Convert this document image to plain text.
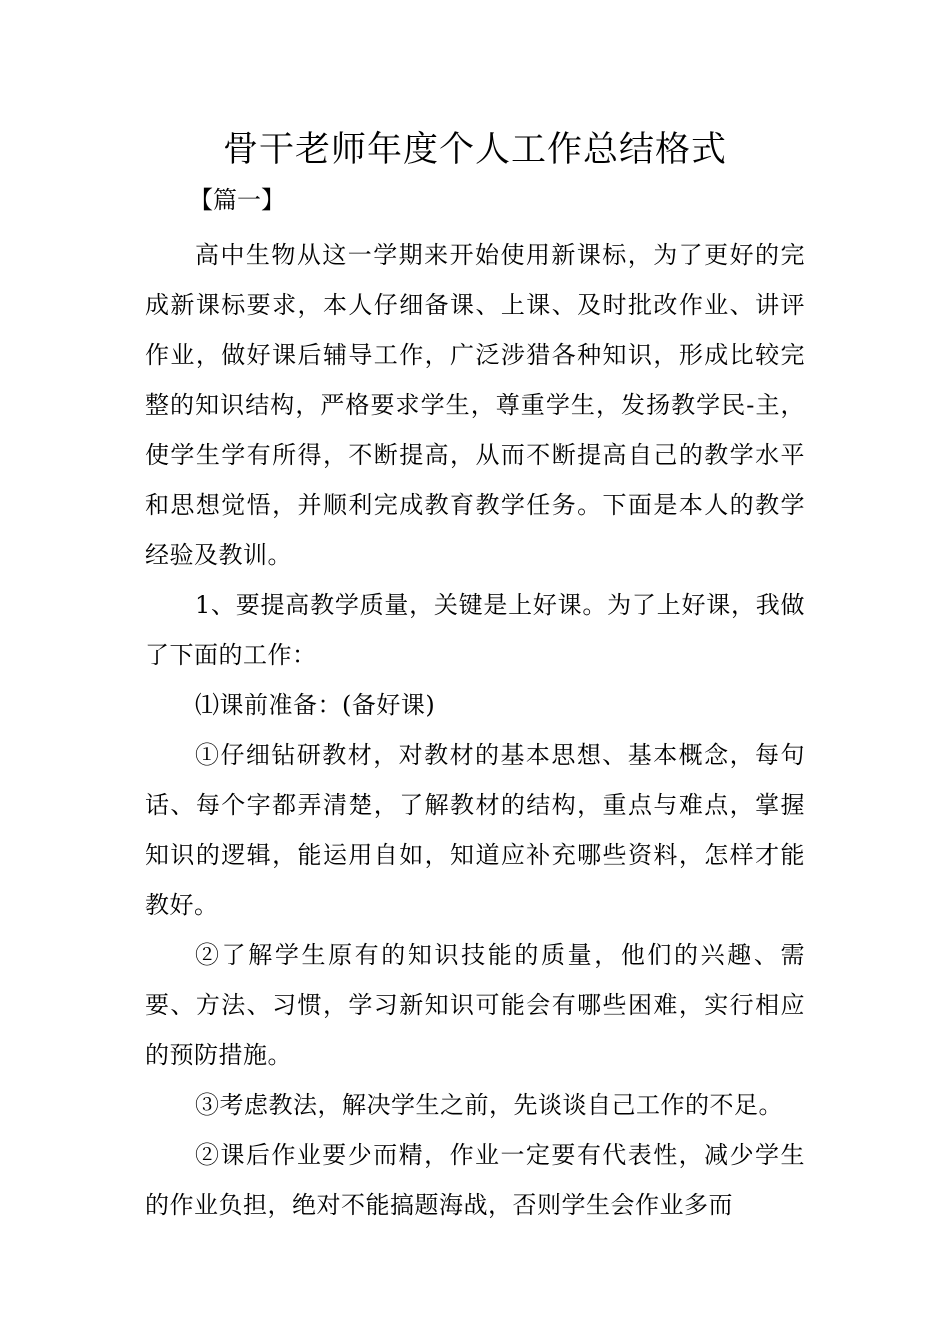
骨干老师年度个人工作总结格式
【篇一】

高中生物从这一学期来开始使用新课标，为了更好的完成新课标要求，本人仔细备课、上课、及时批改作业、讲评作业，做好课后辅导工作，广泛涉猎各种知识，形成比较完整的知识结构，严格要求学生，尊重学生，发扬教学民-主，使学生学有所得，不断提高，从而不断提高自己的教学水平和思想觉悟，并顺利完成教育教学任务。下面是本人的教学经验及教训。

1、要提高教学质量，关键是上好课。为了上好课，我做了下面的工作：

⑴课前准备：(备好课)

①仔细钻研教材，对教材的基本思想、基本概念，每句话、每个字都弄清楚，了解教材的结构，重点与难点，掌握知识的逻辑，能运用自如，知道应补充哪些资料，怎样才能教好。

②了解学生原有的知识技能的质量，他们的兴趣、需要、方法、习惯，学习新知识可能会有哪些困难，实行相应的预防措施。

③考虑教法，解决学生之前，先谈谈自己工作的不足。

②课后作业要少而精，作业一定要有代表性，减少学生的作业负担，绝对不能搞题海战，否则学生会作业多而
